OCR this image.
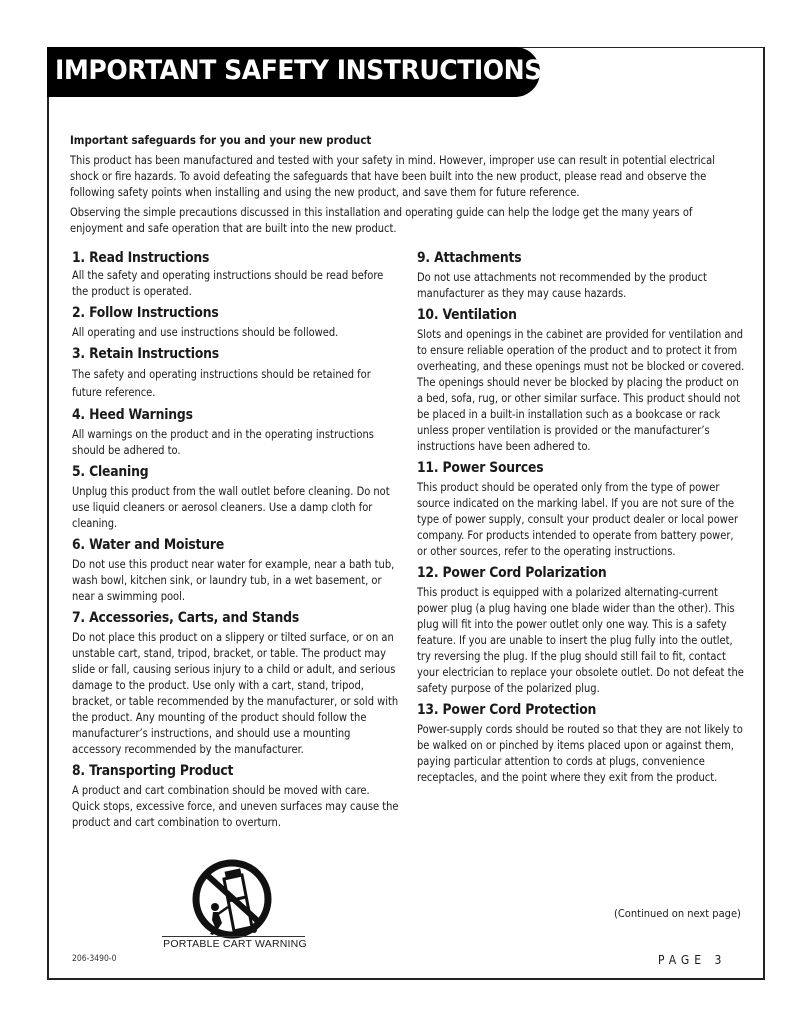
IMPORTANT SAFETY INSTRUCTIONS
Important safeguards for you and your new product

This product has been manufactured and tested with your safety in mind. However, improper use can result in potential electrical shock or fire hazards. To avoid defeating the safeguards that have been built into the new product, please read and observe the following safety points when installing and using the new product, and save them for future reference.

Observing the simple precautions discussed in this installation and operating guide can help the lodge get the many years of enjoyment and safe operation that are built into the new product.

1. Read Instructions

All the safety and operating instructions should be read before the product is operated.

2. Follow Instructions

All operating and use instructions should be followed.

3. Retain Instructions

The safety and operating instructions should be retained for future reference.

4. Heed Warnings

All warnings on the product and in the operating instructions should be adhered to.

5. Cleaning

Unplug this product from the wall outlet before cleaning. Do not use liquid cleaners or aerosol cleaners. Use a damp cloth for cleaning.

6. Water and Moisture

Do not use this product near water for example, near a bath tub, wash bowl, kitchen sink, or laundry tub, in a wet basement, or near a swimming pool.

7. Accessories, Carts, and Stands

Do not place this product on a slippery or tilted surface, or on an unstable cart, stand, tripod, bracket, or table. The product may slide or fall, causing serious injury to a child or adult, and serious damage to the product. Use only with a cart, stand, tripod, bracket, or table recommended by the manufacturer, or sold with the product. Any mounting of the product should follow the manufacturer’s instructions, and should use a mounting accessory recommended by the manufacturer.

8. Transporting Product

A product and cart combination should be moved with care. Quick stops, excessive force, and uneven surfaces may cause the product and cart combination to overturn.

9. Attachments

Do not use attachments not recommended by the product manufacturer as they may cause hazards.

10. Ventilation

Slots and openings in the cabinet are provided for ventilation and to ensure reliable operation of the product and to protect it from overheating, and these openings must not be blocked or covered. The openings should never be blocked by placing the product on a bed, sofa, rug, or other similar surface. This product should not be placed in a built-in installation such as a bookcase or rack unless proper ventilation is provided or the manufacturer’s instructions have been adhered to.

11. Power Sources

This product should be operated only from the type of power source indicated on the marking label. If you are not sure of the type of power supply, consult your product dealer or local power company. For products intended to operate from battery power, or other sources, refer to the operating instructions.

12. Power Cord Polarization

This product is equipped with a polarized alternating-current power plug (a plug having one blade wider than the other). This plug will fit into the power outlet only one way. This is a safety feature. If you are unable to insert the plug fully into the outlet, try reversing the plug. If the plug should still fail to fit, contact your electrician to replace your obsolete outlet. Do not defeat the safety purpose of the polarized plug.

13. Power Cord Protection

Power-supply cords should be routed so that they are not likely to be walked on or pinched by items placed upon or against them, paying particular attention to cords at plugs, convenience receptacles, and the point where they exit from the product.

PORTABLE CART WARNING
206-3490-0
(Continued on next page)
PAGE 3
